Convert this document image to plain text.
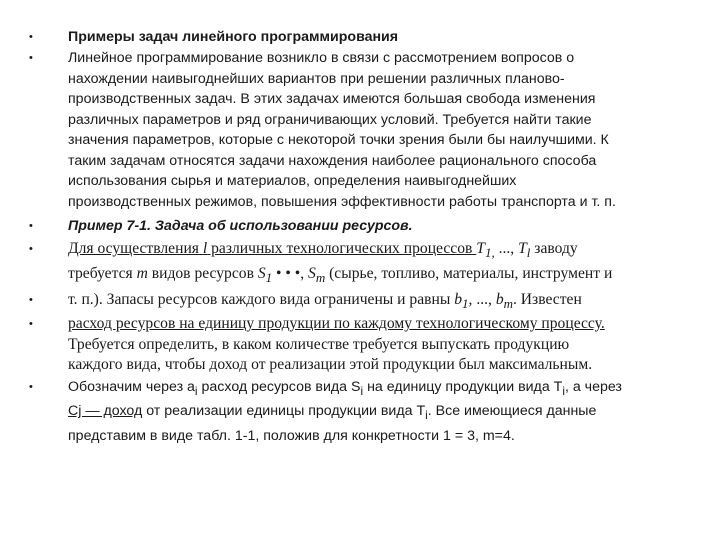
• Примеры задач линейного программирования
• Линейное программирование возникло в связи с рассмотрением вопросов о
нахождении наивыгоднейших вариантов при решении различных планово-
производственных задач. В этих задачах имеются большая свобода изменения
различных параметров и ряд ограничивающих условий. Требуется найти такие
значения параметров, которые с некоторой точки зрения были бы наилучшими. К
таким задачам относятся задачи нахождения наиболее рационального способа
использования сырья и материалов, определения наивыгоднейших
производственных режимов, повышения эффективности работы транспорта и т. п.
• Пример 7-1. Задача об использовании ресурсов.
• Для осуществления l различных технологических процессов $T_{1,}$ ..., $T_l$ заводу
требуется m видов ресурсов $S_1$ • • •, $S_m$ (сырье, топливо, материалы, инструмент и
• т. п.). Запасы ресурсов каждого вида ограничены и равны $b_1$, ..., $b_m$. Известен
• расход ресурсов на единицу продукции по каждому технологическому процессу.
Требуется определить, в каком количестве требуется выпускать продукцию
каждого вида, чтобы доход от реализации этой продукции был максимальным.
• Обозначим через $a_i$ расход ресурсов вида $S_i$ на единицу продукции вида $T_i$, а через
Cj — доход от реализации единицы продукции вида $T_i$. Все имеющиеся данные
представим в виде табл. 1-1, положив для конкретности 1 = 3, m=4.
